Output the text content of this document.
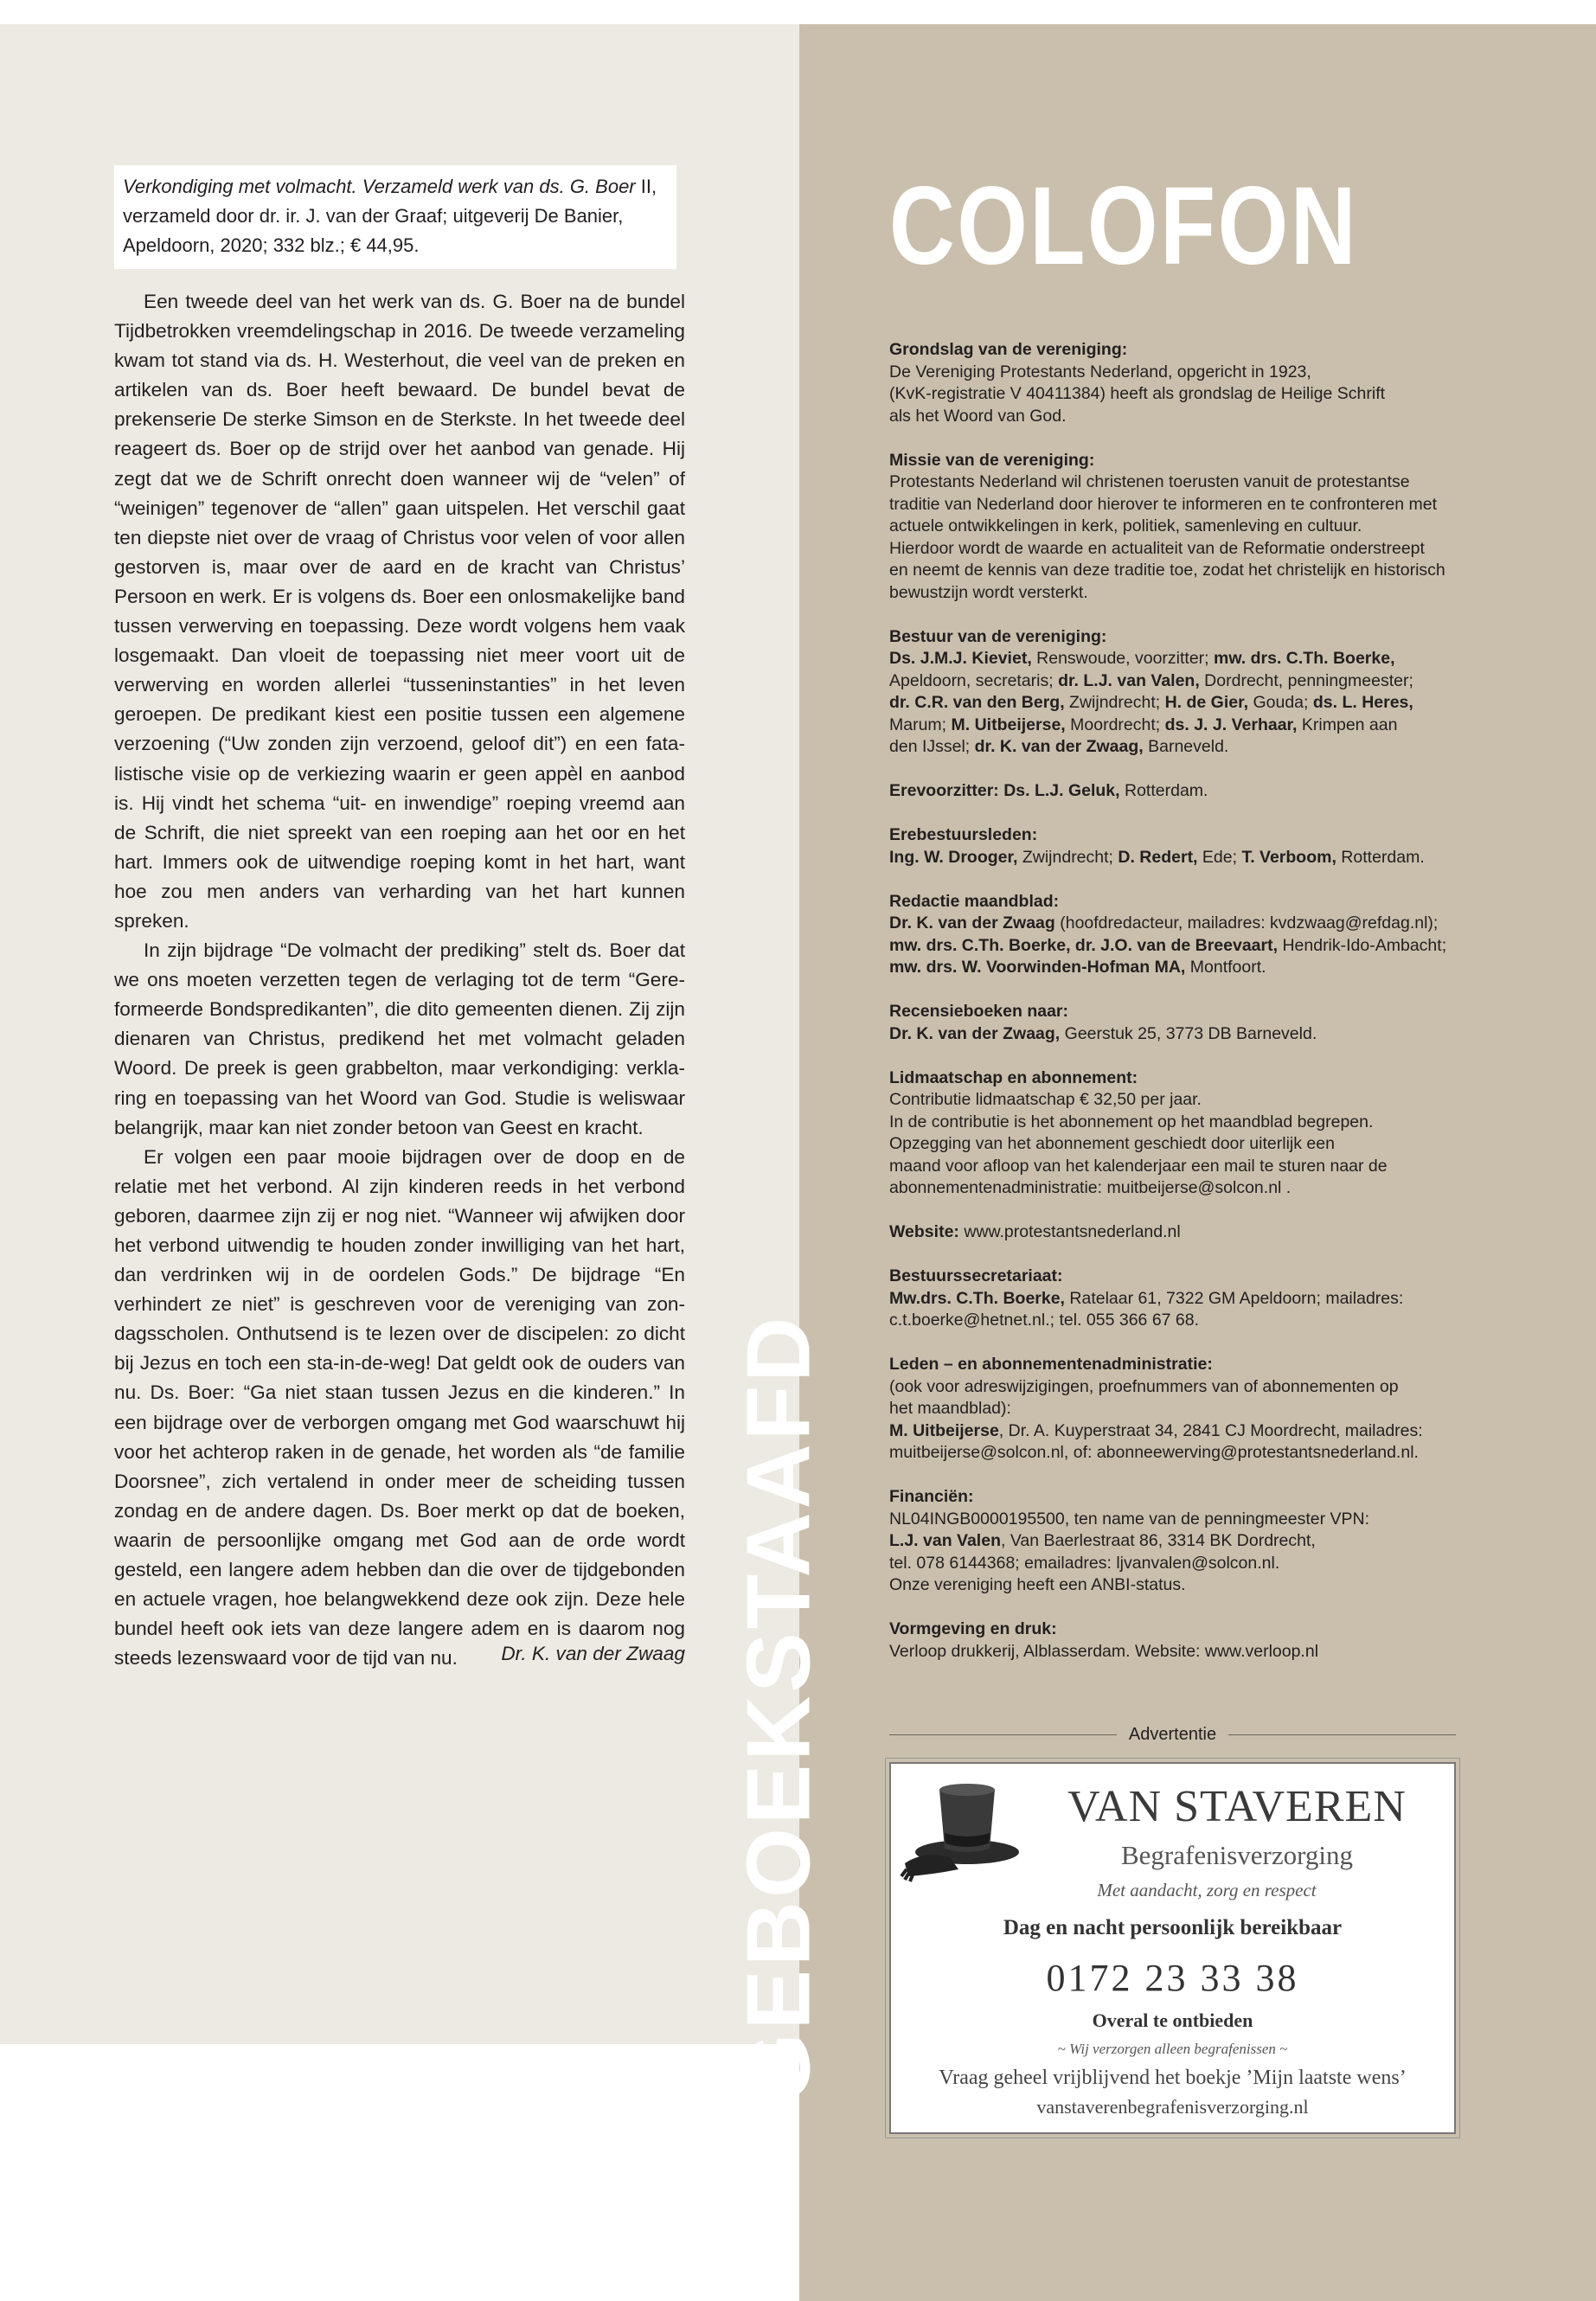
Verkondiging met volmacht. Verzameld werk van ds. G. Boer II,
verzameld door dr. ir. J. van der Graaf; uitgeverij De Banier,
Apeldoorn, 2020; 332 blz.; € 44,95.

Een tweede deel van het werk van ds. G. Boer na de bundel Tijdbetrokken vreemdelingschap in 2016. De tweede verzameling kwam tot stand via ds. H. Westerhout, die veel van de preken en artikelen van ds. Boer heeft bewaard. De bundel bevat de prekenserie De sterke Simson en de Sterkste. In het tweede deel reageert ds. Boer op de strijd over het aanbod van genade. Hij zegt dat we de Schrift onrecht doen wanneer wij de “velen” of “weinigen” tegenover de “allen” gaan uitspelen. Het verschil gaat ten diepste niet over de vraag of Christus voor velen of voor allen gestorven is, maar over de aard en de kracht van Christus’ Persoon en werk. Er is volgens ds. Boer een onlosmakelijke band tussen verwerving en toepassing. Deze wordt volgens hem vaak losgemaakt. Dan vloeit de toepassing niet meer voort uit de verwerving en worden allerlei “tusseninstanties” in het leven geroepen. De predikant kiest een positie tussen een algemene verzoening (“Uw zonden zijn verzoend, geloof dit”) en een fatalistische visie op de verkiezing waarin er geen appèl en aanbod is. Hij vindt het schema “uit- en inwendige” roeping vreemd aan de Schrift, die niet spreekt van een roeping aan het oor en het hart. Immers ook de uitwendige roeping komt in het hart, want hoe zou men anders van verharding van het hart kunnen spreken.

In zijn bijdrage “De volmacht der prediking” stelt ds. Boer dat we ons moeten verzetten tegen de verlaging tot de term “Gereformeerde Bondspredikanten”, die dito gemeenten dienen. Zij zijn dienaren van Christus, predikend het met volmacht geladen Woord. De preek is geen grabbelton, maar verkondiging: verklaring en toepassing van het Woord van God. Studie is weliswaar belangrijk, maar kan niet zonder betoon van Geest en kracht.

Er volgen een paar mooie bijdragen over de doop en de relatie met het verbond. Al zijn kinderen reeds in het verbond geboren, daarmee zijn zij er nog niet. “Wanneer wij afwijken door het verbond uitwendig te houden zonder inwilliging van het hart, dan verdrinken wij in de oordelen Gods.” De bijdrage “En verhindert ze niet” is geschreven voor de vereniging van zondagsscholen. Onthutsend is te lezen over de discipelen: zo dicht bij Jezus en toch een sta-in-de-weg! Dat geldt ook de ouders van nu. Ds. Boer: “Ga niet staan tussen Jezus en die kinderen.” In een bijdrage over de verborgen omgang met God waarschuwt hij voor het achterop raken in de genade, het worden als “de familie Doorsnee”, zich vertalend in onder meer de scheiding tussen zondag en de andere dagen. Ds. Boer merkt op dat de boeken, waarin de persoonlijke omgang met God aan de orde wordt gesteld, een langere adem hebben dan die over de tijdgebonden en actuele vragen, hoe belangwekkend deze ook zijn. Deze hele bundel heeft ook iets van deze langere adem en is daarom nog steeds lezenswaard voor de tijd van nu.	Dr. K. van der Zwaag GEBOEKSTAAFD
COLOFON
Grondslag van de vereniging:
De Vereniging Protestants Nederland, opgericht in 1923,
(KvK-registratie V 40411384) heeft als grondslag de Heilige Schrift
als het Woord van God.
Missie van de vereniging:
Protestants Nederland wil christenen toerusten vanuit de protestantse
traditie van Nederland door hierover te informeren en te confronteren met
actuele ontwikkelingen in kerk, politiek, samenleving en cultuur.
Hierdoor wordt de waarde en actualiteit van de Reformatie onderstreept
en neemt de kennis van deze traditie toe, zodat het christelijk en historisch
bewustzijn wordt versterkt.
Bestuur van de vereniging:
Ds. J.M.J. Kieviet, Renswoude, voorzitter; mw. drs. C.Th. Boerke,
Apeldoorn, secretaris; dr. L.J. van Valen, Dordrecht, penningmeester;
dr. C.R. van den Berg, Zwijndrecht; H. de Gier, Gouda; ds. L. Heres,
Marum; M. Uitbeijerse, Moordrecht; ds. J. J. Verhaar, Krimpen aan
den IJssel; dr. K. van der Zwaag, Barneveld.
Erevoorzitter: Ds. L.J. Geluk, Rotterdam.
Erebestuursleden:
Ing. W. Drooger, Zwijndrecht; D. Redert, Ede; T. Verboom, Rotterdam.
Redactie maandblad:
Dr. K. van der Zwaag (hoofdredacteur, mailadres: kvdzwaag@refdag.nl);
mw. drs. C.Th. Boerke, dr. J.O. van de Breevaart, Hendrik-Ido-Ambacht;
mw. drs. W. Voorwinden-Hofman MA, Montfoort.
Recensieboeken naar:
Dr. K. van der Zwaag, Geerstuk 25, 3773 DB Barneveld.
Lidmaatschap en abonnement:
Contributie lidmaatschap € 32,50 per jaar.
In de contributie is het abonnement op het maandblad begrepen.
Opzegging van het abonnement geschiedt door uiterlijk een
maand voor afloop van het kalenderjaar een mail te sturen naar de
abonnementenadministratie: muitbeijerse@solcon.nl .
Website: www.protestantsnederland.nl
Bestuurssecretariaat:
Mw.drs. C.Th. Boerke, Ratelaar 61, 7322 GM Apeldoorn; mailadres:
c.t.boerke@hetnet.nl.; tel. 055 366 67 68.
Leden – en abonnementenadministratie:
(ook voor adreswijzigingen, proefnummers van of abonnementen op
het maandblad):
M. Uitbeijerse, Dr. A. Kuyperstraat 34, 2841 CJ Moordrecht, mailadres:
muitbeijerse@solcon.nl, of: abonneewerving@protestantsnederland.nl.
Financiën:
NL04INGB0000195500, ten name van de penningmeester VPN:
L.J. van Valen, Van Baerlestraat 86, 3314 BK Dordrecht,
tel. 078 6144368; emailadres: ljvanvalen@solcon.nl.
Onze vereniging heeft een ANBI-status.
Vormgeving en druk:
Verloop drukkerij, Alblasserdam. Website: www.verloop.nl
Advertentie
VAN STAVEREN
Begrafenisverzorging
Met aandacht, zorg en respect
Dag en nacht persoonlijk bereikbaar
0172 23 33 38
Overal te ontbieden
~ Wij verzorgen alleen begrafenissen ~
Vraag geheel vrijblijvend het boekje ’Mijn laatste wens’
vanstaverenbegrafenisverzorging.nl
